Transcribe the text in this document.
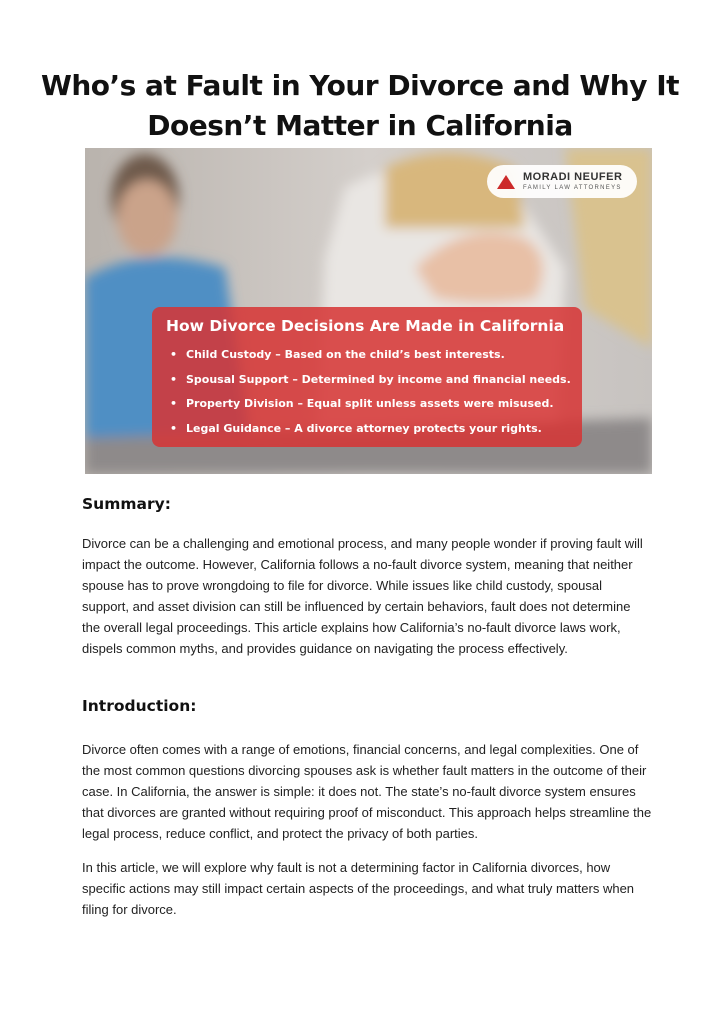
Who’s at Fault in Your Divorce and Why It Doesn’t Matter in California
MORADI NEUFER
FAMILY LAW ATTORNEYS

How Divorce Decisions Are Made in California

• Child Custody – Based on the child’s best interests.
• Spousal Support – Determined by income and financial needs.
• Property Division – Equal split unless assets were misused.
• Legal Guidance – A divorce attorney protects your rights.
Summary:

Divorce can be a challenging and emotional process, and many people wonder if proving fault will impact the outcome. However, California follows a no-fault divorce system, meaning that neither spouse has to prove wrongdoing to file for divorce. While issues like child custody, spousal support, and asset division can still be influenced by certain behaviors, fault does not determine the overall legal proceedings. This article explains how California’s no-fault divorce laws work, dispels common myths, and provides guidance on navigating the process effectively.

Introduction:

Divorce often comes with a range of emotions, financial concerns, and legal complexities. One of the most common questions divorcing spouses ask is whether fault matters in the outcome of their case. In California, the answer is simple: it does not. The state’s no-fault divorce system ensures that divorces are granted without requiring proof of misconduct. This approach helps streamline the legal process, reduce conflict, and protect the privacy of both parties.

In this article, we will explore why fault is not a determining factor in California divorces, how specific actions may still impact certain aspects of the proceedings, and what truly matters when filing for divorce.
